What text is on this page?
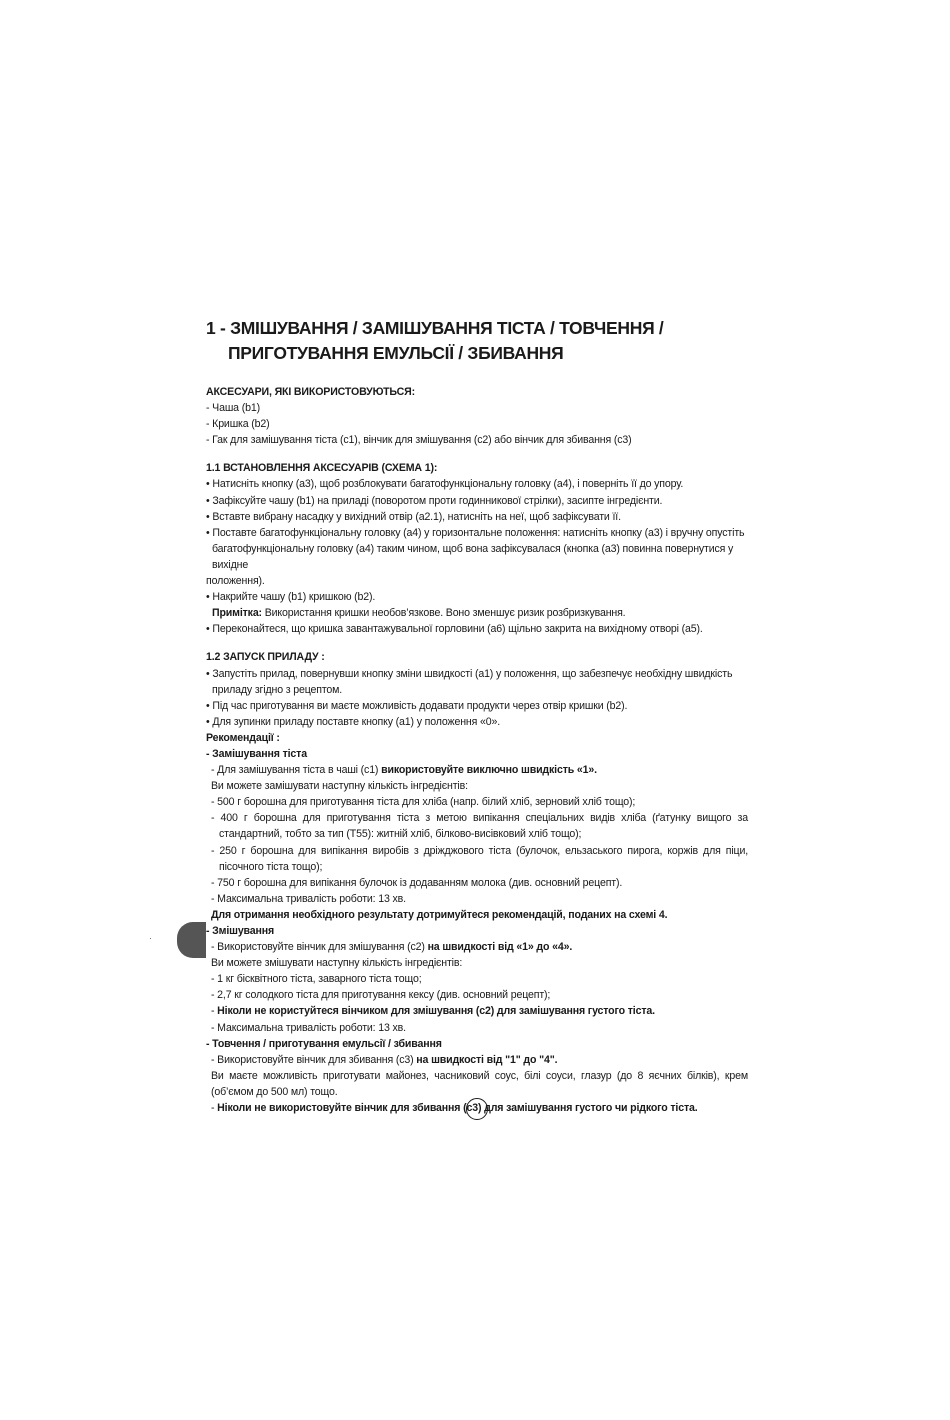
1 - ЗМІШУВАННЯ / ЗАМІШУВАННЯ ТІСТА / ТОВЧЕННЯ /
ПРИГОТУВАННЯ ЕМУЛЬСІЇ / ЗБИВАННЯ
АКСЕСУАРИ, ЯКІ ВИКОРИСТОВУЮТЬСЯ:
- Чаша (b1)
- Кришка (b2)
- Гак для замішування тіста (c1), вінчик для змішування (c2) або вінчик для збивання (c3)
1.1 ВСТАНОВЛЕННЯ АКСЕСУАРІВ (СХЕМА 1):
• Натисніть кнопку (a3), щоб розблокувати багатофункціональну головку (a4), і поверніть її до упору.
• Зафіксуйте чашу (b1) на приладі (поворотом проти годинникової стрілки), засипте інгредієнти.
• Вставте вибрану насадку у вихідний отвір (a2.1), натисніть на неї, щоб зафіксувати її.
• Поставте багатофункціональну головку (a4) у горизонтальне положення: натисніть кнопку (a3) і вручну опустіть
багатофункціональну головку (a4) таким чином, щоб вона зафіксувалася (кнопка (a3) повинна повернутися у
вихідне
положення).
• Накрийте чашу (b1) кришкою (b2).
Примітка: Використання кришки необов’язкове. Воно зменшує ризик розбризкування.
• Переконайтеся, що кришка завантажувальної горловини (a6) щільно закрита на вихідному отворі (a5).
1.2 ЗАПУСК ПРИЛАДУ :
• Запустіть прилад, повернувши кнопку зміни швидкості (a1) у положення, що забезпечує необхідну швидкість
приладу згідно з рецептом.
• Під час приготування ви маєте можливість додавати продукти через отвір кришки (b2).
• Для зупинки приладу поставте кнопку (a1) у положення «0».
Рекомендації :
- Замішування тіста
- Для замішування тіста в чаші (c1) використовуйте виключно швидкість «1».
Ви можете замішувати наступну кількість інгредієнтів:
- 500 г борошна для приготування тіста для хліба (напр. білий хліб, зерновий хліб тощо);
- 400 г борошна для приготування тіста з метою випікання спеціальних видів хліба (ґатунку вищого за стандартний, тобто за тип (T55): житній хліб, білково-висівковий хліб тощо);
- 250 г борошна для випікання виробів з дріжджового тіста (булочок, ельзаського пирога, коржів для піци, пісочного тіста тощо);
- 750 г борошна для випікання булочок із додаванням молока (див. основний рецепт).
- Максимальна тривалість роботи: 13 хв.
Для отримання необхідного результату дотримуйтеся рекомендацій, поданих на схемі 4.
- Змішування
- Використовуйте вінчик для змішування (c2) на швидкості від «1» до «4».
Ви можете змішувати наступну кількість інгредієнтів:
- 1 кг бісквітного тіста, заварного тіста тощо;
- 2,7 кг солодкого тіста для приготування кексу (див. основний рецепт);
- Ніколи не користуйтеся вінчиком для змішування (c2) для замішування густого тіста.
- Максимальна тривалість роботи: 13 хв.
- Товчення / приготування емульсії / збивання
- Використовуйте вінчик для збивання (c3) на швидкості від "1" до "4".
Ви маєте можливість приготувати майонез, часниковий соус, білі соуси, глазур (до 8 яєчних білків), крем (об’ємом до 500 мл) тощо.
- Ніколи не використовуйте вінчик для збивання (c3) для замішування густого чи рідкого тіста.
